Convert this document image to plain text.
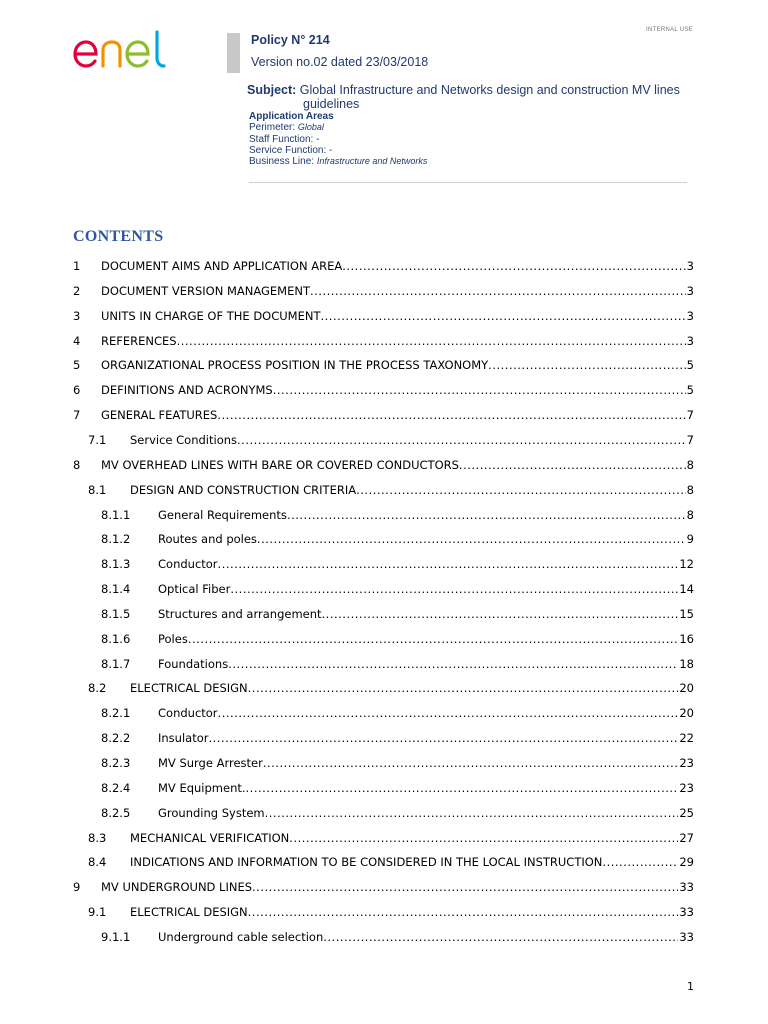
INTERNAL USE
Policy N° 214
Version no.02 dated 23/03/2018
Subject: Global Infrastructure and Networks design and construction MV lines
guidelines
Application Areas
Perimeter: Global
Staff Function: -
Service Function: -
Business Line: Infrastructure and Networks
CONTENTS
1 DOCUMENT AIMS AND APPLICATION AREA .....	3
2 DOCUMENT VERSION MANAGEMENT .....	3
3 UNITS IN CHARGE OF THE DOCUMENT .....	3
4 REFERENCES .....	3
5 ORGANIZATIONAL PROCESS POSITION IN THE PROCESS TAXONOMY .....	5
6 DEFINITIONS AND ACRONYMS .....	5
7 GENERAL FEATURES .....	7
7.1 Service Conditions .....	7
8 MV OVERHEAD LINES WITH BARE OR COVERED CONDUCTORS .....	8
8.1 DESIGN AND CONSTRUCTION CRITERIA .....	8
8.1.1 General Requirements .....	8
8.1.2 Routes and poles .....	9
8.1.3 Conductor .....	12
8.1.4 Optical Fiber .....	14
8.1.5 Structures and arrangement .....	15
8.1.6 Poles .....	16
8.1.7 Foundations .....	18
8.2 ELECTRICAL DESIGN .....	20
8.2.1 Conductor .....	20
8.2.2 Insulator .....	22
8.2.3 MV Surge Arrester .....	23
8.2.4 MV Equipment. .....	23
8.2.5 Grounding System .....	25
8.3 MECHANICAL VERIFICATION .....	27
8.4 INDICATIONS AND INFORMATION TO BE CONSIDERED IN THE LOCAL INSTRUCTION .....	29
9 MV UNDERGROUND LINES .....	33
9.1 ELECTRICAL DESIGN .....	33
9.1.1 Underground cable selection .....	33
1
